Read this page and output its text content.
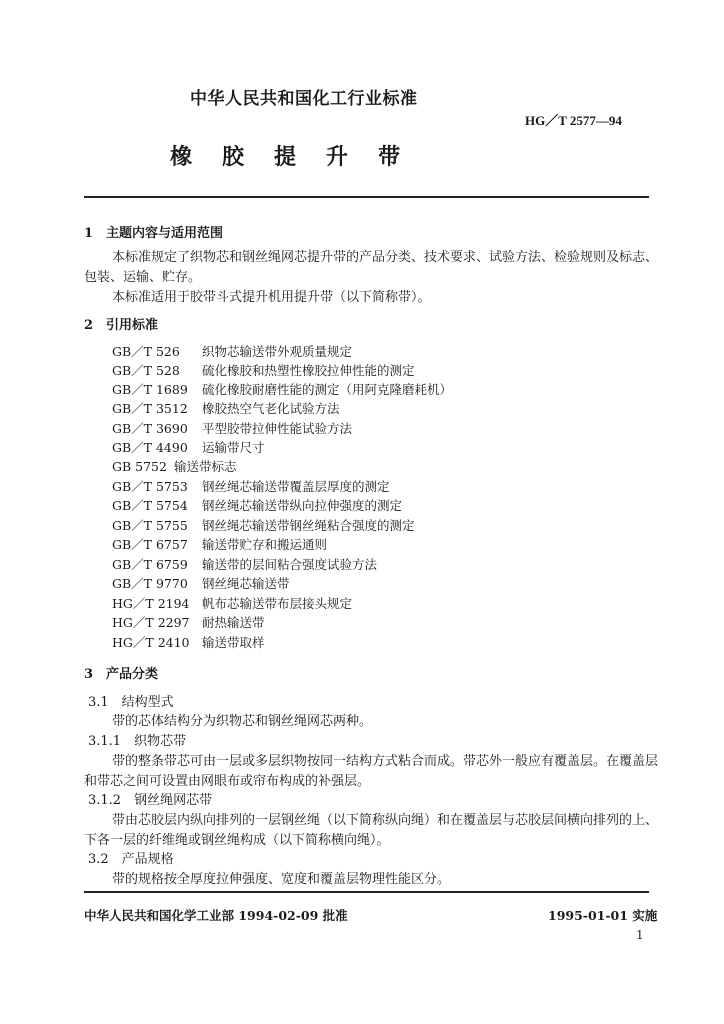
中华人民共和国化工行业标准
HG／T 2577—94
橡 胶 提 升 带
1　主题内容与适用范围
本标准规定了织物芯和钢丝绳网芯提升带的产品分类、技术要求、试验方法、检验规则及标志、
包装、运输、贮存。
本标准适用于胶带斗式提升机用提升带（以下简称带）。
2　引用标准
GB／T 526 织物芯输送带外观质量规定
GB／T 528 硫化橡胶和热塑性橡胶拉伸性能的测定
GB／T 1689 硫化橡胶耐磨性能的测定（用阿克隆磨耗机）
GB／T 3512 橡胶热空气老化试验方法
GB／T 3690 平型胶带拉伸性能试验方法
GB／T 4490 运输带尺寸
GB 5752 输送带标志
GB／T 5753 钢丝绳芯输送带覆盖层厚度的测定
GB／T 5754 钢丝绳芯输送带纵向拉伸强度的测定
GB／T 5755 钢丝绳芯输送带钢丝绳粘合强度的测定
GB／T 6757 输送带贮存和搬运通则
GB／T 6759 输送带的层间粘合强度试验方法
GB／T 9770 钢丝绳芯输送带
HG／T 2194 帆布芯输送带布层接头规定
HG／T 2297 耐热输送带
HG／T 2410 输送带取样
3　产品分类
3.1　结构型式
带的芯体结构分为织物芯和钢丝绳网芯两种。
3.1.1　织物芯带
带的整条带芯可由一层或多层织物按同一结构方式粘合而成。带芯外一般应有覆盖层。在覆盖层
和带芯之间可设置由网眼布或帘布构成的补强层。
3.1.2　钢丝绳网芯带
带由芯胶层内纵向排列的一层钢丝绳（以下简称纵向绳）和在覆盖层与芯胶层间横向排列的上、
下各一层的纤维绳或钢丝绳构成（以下简称横向绳）。
3.2　产品规格
带的规格按全厚度拉伸强度、宽度和覆盖层物理性能区分。
中华人民共和国化学工业部 1994-02-09 批准	1995-01-01 实施
1
